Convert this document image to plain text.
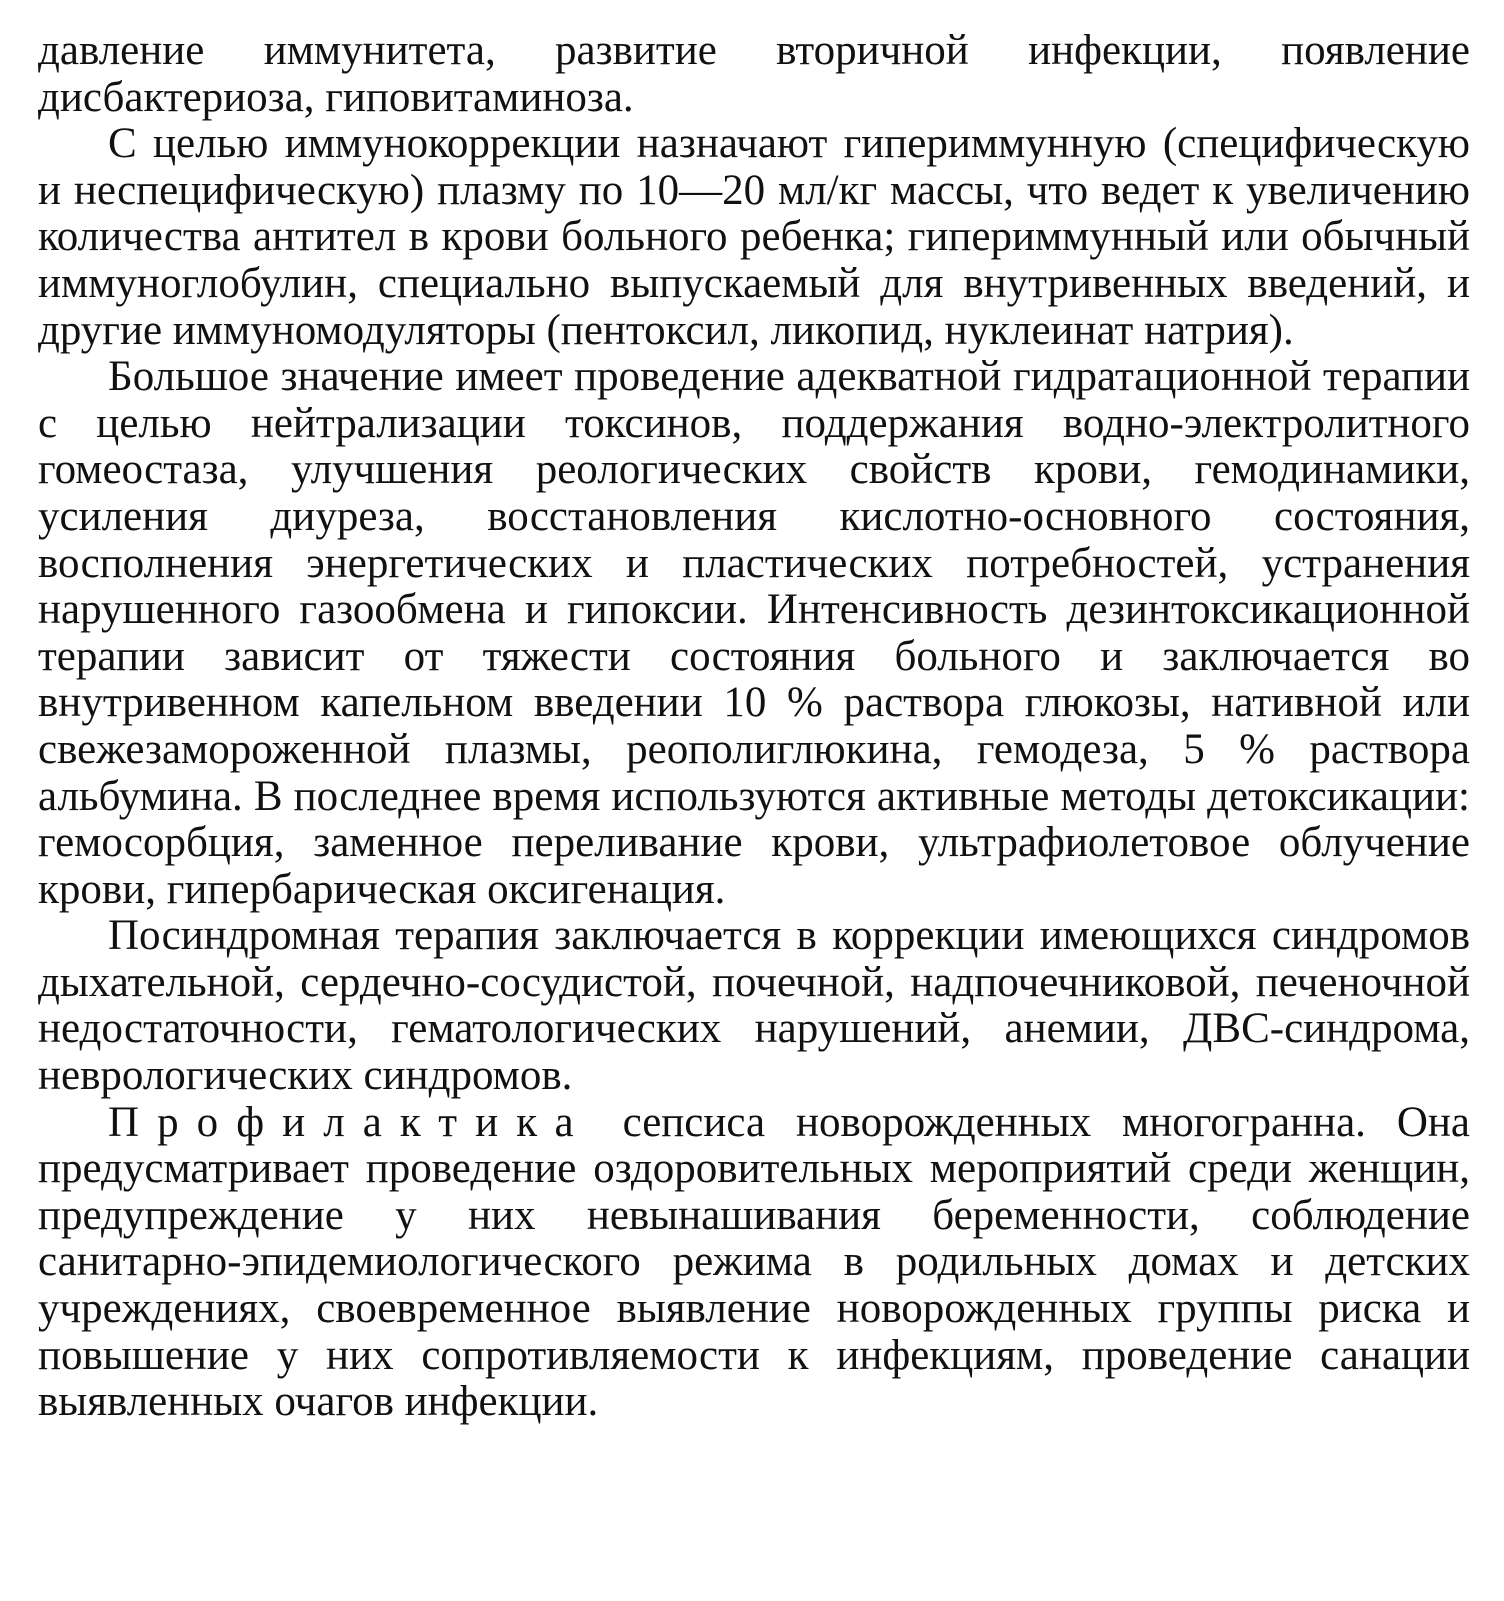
давление иммунитета, развитие вторичной инфекции, появление дисбактериоза, гиповитаминоза.

С целью иммунокоррекции назначают гипериммунную (специфическую и неспецифическую) плазму по 10—20 мл/кг массы, что ведет к увеличению количества антител в крови больного ребенка; гипериммунный или обычный иммуноглобулин, специально выпускаемый для внутривенных введений, и другие иммуномодуляторы (пентоксил, ликопид, нуклеинат натрия).

Большое значение имеет проведение адекватной гидратационной терапии с целью нейтрализации токсинов, поддержания водно-электролитного гомеостаза, улучшения реологических свойств крови, гемодинамики, усиления диуреза, восстановления кислотно-основного состояния, восполнения энергетических и пластических потребностей, устранения нарушенного газообмена и гипоксии. Интенсивность дезинтоксикационной терапии зависит от тяжести состояния больного и заключается во внутривенном капельном введении 10 % раствора глюкозы, нативной или свежезамороженной плазмы, реополиглюкина, гемодеза, 5 % раствора альбумина. В последнее время используются активные методы детоксикации: гемосорбция, заменное переливание крови, ультрафиолетовое облучение крови, гипербарическая оксигенация.

Посиндромная терапия заключается в коррекции имеющихся синдромов дыхательной, сердечно-сосудистой, почечной, надпочечниковой, печеночной недостаточности, гематологических нарушений, анемии, ДВС-синдрома, неврологических синдромов.

Профилактика сепсиса новорожденных многогранна. Она предусматривает проведение оздоровительных мероприятий среди женщин, предупреждение у них невынашивания беременности, соблюдение санитарно-эпидемиологического режима в родильных домах и детских учреждениях, своевременное выявление новорожденных группы риска и повышение у них сопротивляемости к инфекциям, проведение санации выявленных очагов инфекции.
